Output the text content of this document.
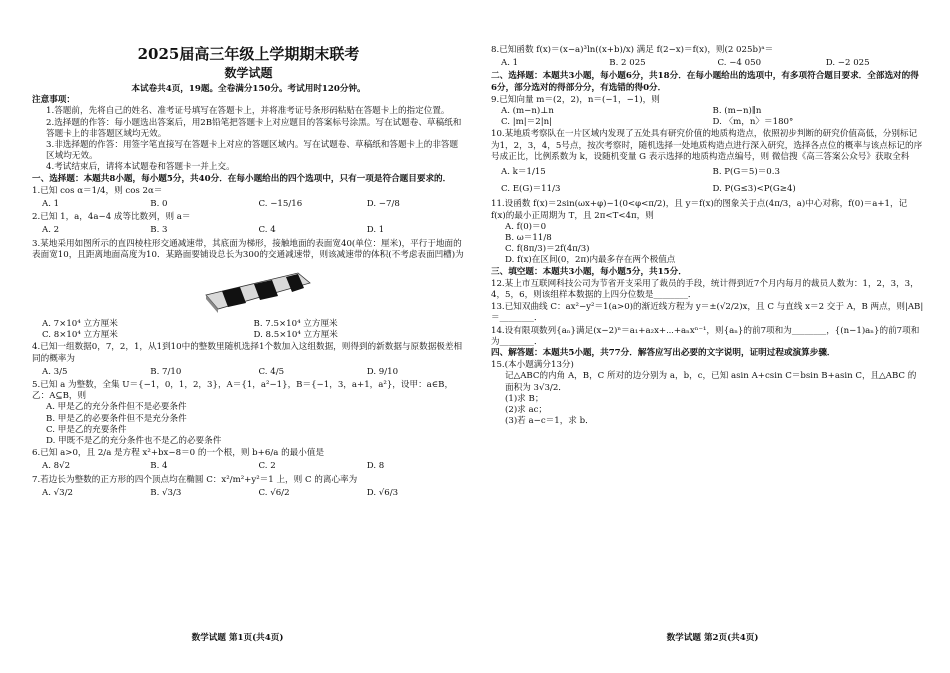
2025届高三年级上学期期末联考
数学试题
本试卷共4页，19题。全卷满分150分。考试用时120分钟。
注意事项：
1.答题前，先将自己的姓名、准考证号填写在答题卡上，并将准考证号条形码粘贴在答题卡上的指定位置。
2.选择题的作答：每小题选出答案后，用2B铅笔把答题卡上对应题目的答案标号涂黑。写在试题卷、草稿纸和答题卡上的非答题区域均无效。
3.非选择题的作答：用签字笔直接写在答题卡上对应的答题区域内。写在试题卷、草稿纸和答题卡上的非答题区域均无效。
4.考试结束后，请将本试题卷和答题卡一并上交。
一、选择题：本题共8小题，每小题5分，共40分．在每小题给出的四个选项中，只有一项是符合题目要求的．
1.已知 cos α＝1/4，则 cos 2α＝
A. 1	B. 0	C. −15/16	D. −7/8
2.已知 1，a，4a−4 成等比数列，则 a＝
A. 2	B. 3	C. 4	D. 1
3.某地采用如图所示的直四棱柱形交通减速带，其底面为梯形，接触地面的表面宽40(单位：厘米)，平行于地面的表面宽10，且距离地面高度为10．某路面要铺设总长为300的交通减速带，则该减速带的体积(不考虑表面凹槽)为
A. 7×10⁴ 立方厘米	B. 7.5×10⁴ 立方厘米
C. 8×10⁴ 立方厘米	D. 8.5×10⁴ 立方厘米
4.已知一组数据0，7，2，1，从1到10中的整数里随机选择1个数加入这组数据，则得到的新数据与原数据极差相同的概率为
A. 3/5	B. 7/10	C. 4/5	D. 9/10
5.已知 a 为整数，全集 U＝{−1，0，1，2，3}，A＝{1，a²−1}，B＝{−1，3，a+1，a²}，设甲：a∈B，乙：A⊆B，则
A. 甲是乙的充分条件但不是必要条件
B. 甲是乙的必要条件但不是充分条件
C. 甲是乙的充要条件
D. 甲既不是乙的充分条件也不是乙的必要条件
6.已知 a>0，且 2/a 是方程 x²+bx−8＝0 的一个根，则 b+6/a 的最小值是
A. 8√2	B. 4	C. 2	D. 8
7.若边长为整数的正方形的四个顶点均在椭圆 C：x²/m²+y²＝1 上，则 C 的离心率为
A. √3/2	B. √3/3	C. √6/2	D. √6/3
数学试题 第1页(共4页)
8.已知函数 f(x)＝(x−a)³ln((x+b)/x) 满足 f(2−x)＝f(x)，则(2 025b)ᵃ＝
A. 1	B. 2 025	C. −4 050	D. −2 025
二、选择题：本题共3小题，每小题6分，共18分．在每小题给出的选项中，有多项符合题目要求．全部选对的得6分，部分选对的得部分分，有选错的得0分．
9.已知向量 m＝(2，2)，n＝(−1，−1)，则
A. (m−n)⊥n	B. (m−n)∥n
C. |m|＝2|n|	D. 〈m，n〉＝180°
10.某地质考察队在一片区域内发现了五处具有研究价值的地质构造点，依照初步判断的研究价值高低，分别标记为1，2，3，4，5号点，按次考察时，随机选择一处地质构造点进行深入研究，选择各点位的概率与该点标记的序号成正比，比例系数为 k，设随机变量 G 表示选择的地质构造点编号，则 微信搜《高三答案公众号》获取全科
A. k＝1/15	B. P(G＝5)＝0.3
C. E(G)＝11/3	D. P(G≤3)<P(G≥4)
11.设函数 f(x)＝2sin(ωx+φ)−1(0<φ<π/2)，且 y＝f(x)的图象关于点(4π/3，a)中心对称，f(0)＝a+1，记 f(x)的最小正周期为 T，且 2π<T<4π，则
A. f(0)＝0
B. ω＝11/8
C. f(8π/3)＝2f(4π/3)
D. f(x)在区间(0，2π)内最多存在两个极值点
三、填空题：本题共3小题，每小题5分，共15分．
12.某上市互联网科技公司为节省开支采用了裁员的手段，统计得到近7个月内每月的裁员人数为：1，2，3，3，4，5，6，则该组样本数据的上四分位数是________．
13.已知双曲线 C：ax²−y²＝1(a>0)的渐近线方程为 y＝±(√2/2)x，且 C 与直线 x＝2 交于 A，B 两点，则|AB|＝________．
14.设有限项数列{aₙ}满足(x−2)ⁿ＝a₁+a₂x+⋯+aₙxⁿ⁻¹，则{aₙ}的前7项和为________，{(n−1)aₙ}的前7项和为________．
四、解答题：本题共5小题，共77分．解答应写出必要的文字说明，证明过程或演算步骤．
15.(本小题满分13分)
记△ABC的内角 A，B，C 所对的边分别为 a，b，c，已知 asin A+csin C＝bsin B+asin C，且△ABC 的面积为 3√3/2．
(1)求 B；
(2)求 ac；
(3)若 a−c＝1，求 b．
数学试题 第2页(共4页)
